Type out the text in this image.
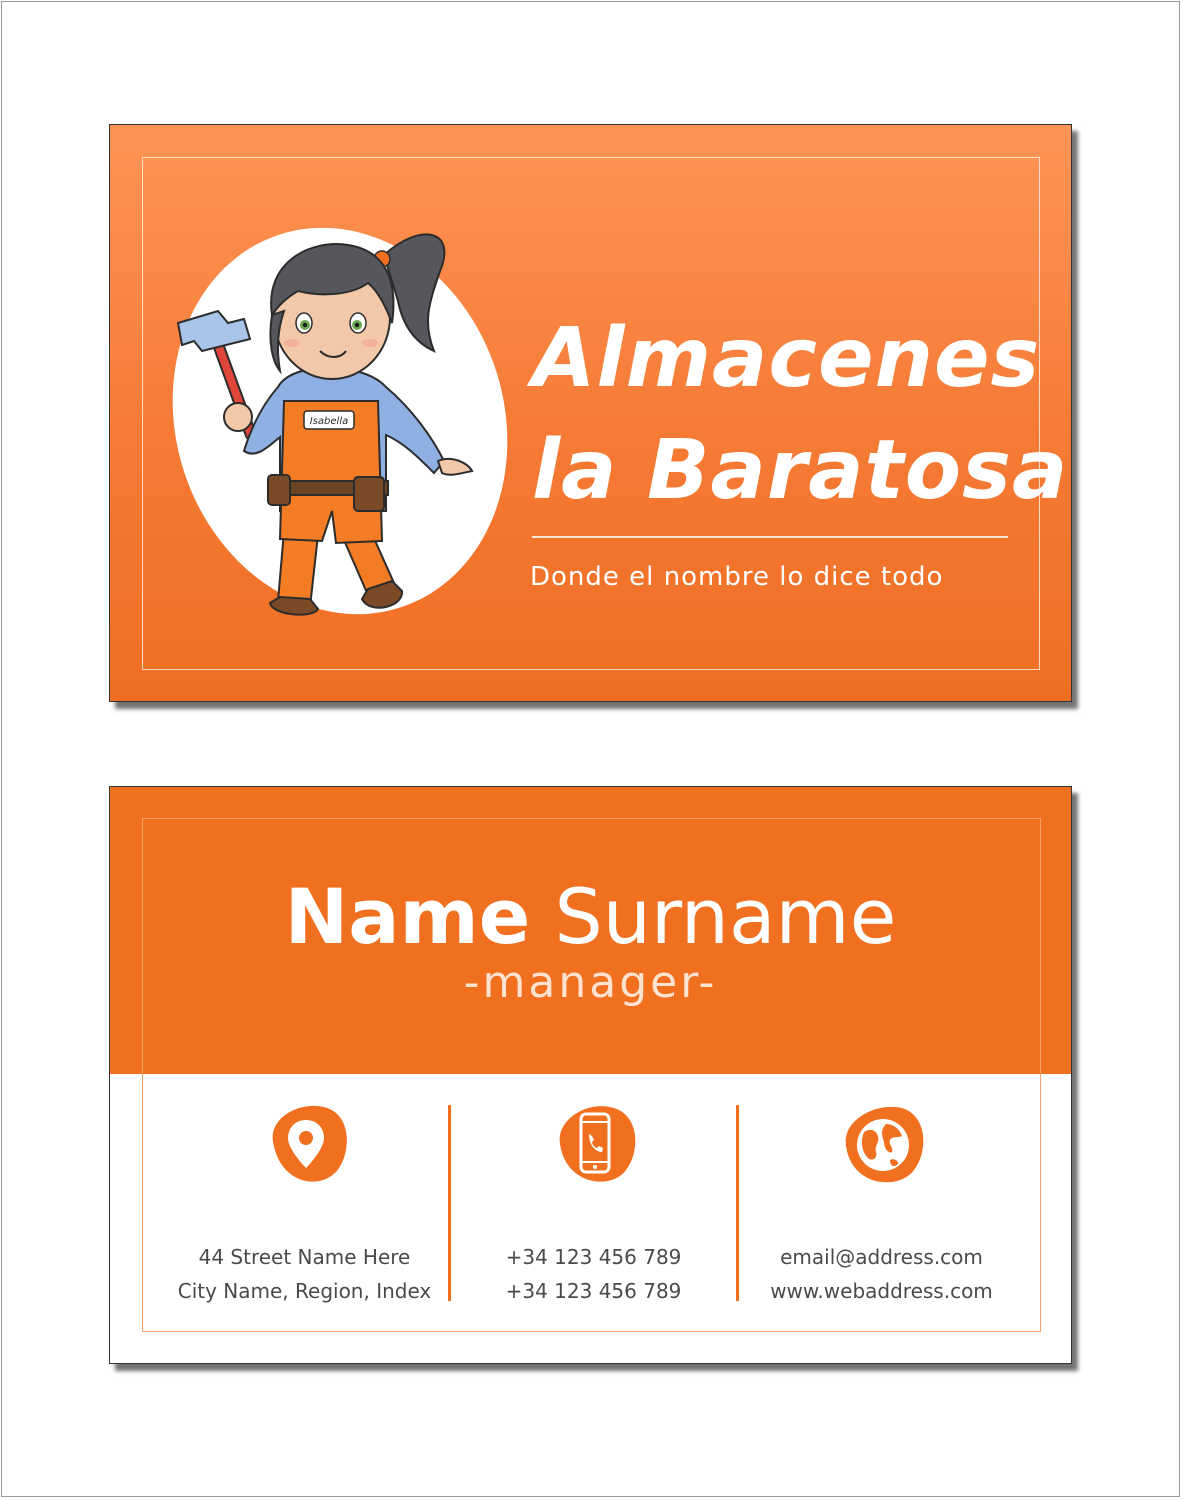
Isabella
Almacenes
la Baratosa
Donde el nombre lo dice todo
Name Surname
-manager-
44 Street Name Here
City Name, Region, Index
+34 123 456 789
+34 123 456 789
email@address.com
www.webaddress.com
